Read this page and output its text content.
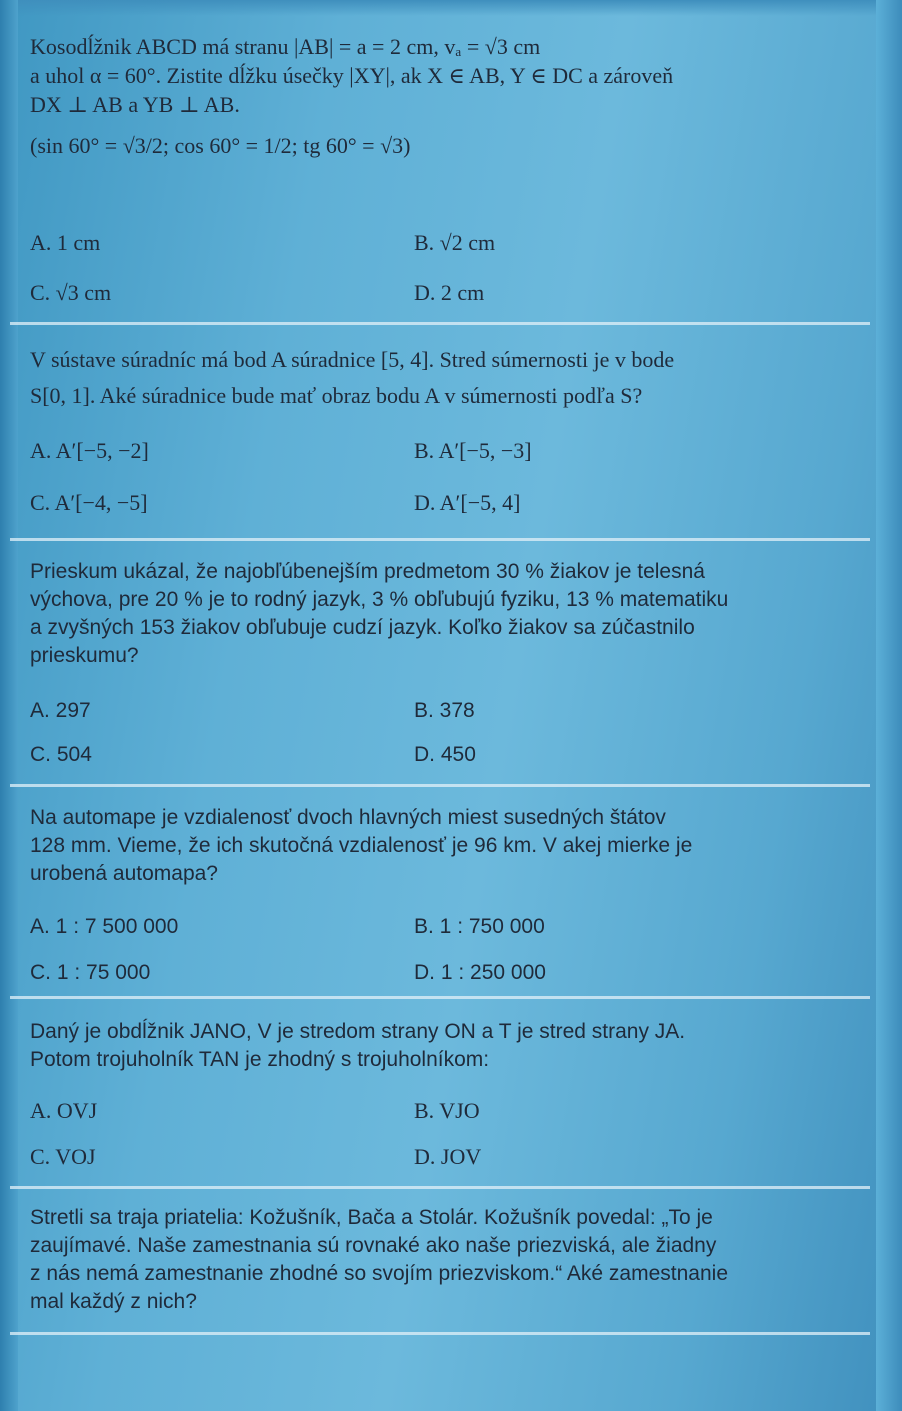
Kosodĺžnik ABCD má stranu |AB| = a = 2 cm, vₐ = √3 cm
a uhol α = 60°. Zistite dĺžku úsečky |XY|, ak X ∈ AB, Y ∈ DC a zároveň
DX ⊥ AB a YB ⊥ AB.
(sin 60° = √3/2; cos 60° = 1/2; tg 60° = √3)
A. 1 cm	B. √2 cm
C. √3 cm	D. 2 cm
V sústave súradníc má bod A súradnice [5, 4]. Stred súmernosti je v bode
S[0, 1]. Aké súradnice bude mať obraz bodu A v súmernosti podľa S?
A. A′[−5, −2]	B. A′[−5, −3]
C. A′[−4, −5]	D. A′[−5, 4]
Prieskum ukázal, že najobľúbenejším predmetom 30 % žiakov je telesná
výchova, pre 20 % je to rodný jazyk, 3 % obľubujú fyziku, 13 % matematiku
a zvyšných 153 žiakov obľubuje cudzí jazyk. Koľko žiakov sa zúčastnilo
prieskumu?
A. 297	B. 378
C. 504	D. 450
Na automape je vzdialenosť dvoch hlavných miest susedných štátov
128 mm. Vieme, že ich skutočná vzdialenosť je 96 km. V akej mierke je
urobená automapa?
A. 1 : 7 500 000	B. 1 : 750 000
C. 1 : 75 000	D. 1 : 250 000
Daný je obdĺžnik JANO, V je stredom strany ON a T je stred strany JA.
Potom trojuholník TAN je zhodný s trojuholníkom:
A. OVJ	B. VJO
C. VOJ	D. JOV
Stretli sa traja priatelia: Kožušník, Bača a Stolár. Kožušník povedal: „To je
zaujímavé. Naše zamestnania sú rovnaké ako naše priezviská, ale žiadny
z nás nemá zamestnanie zhodné so svojím priezviskom.“ Aké zamestnanie
mal každý z nich?
